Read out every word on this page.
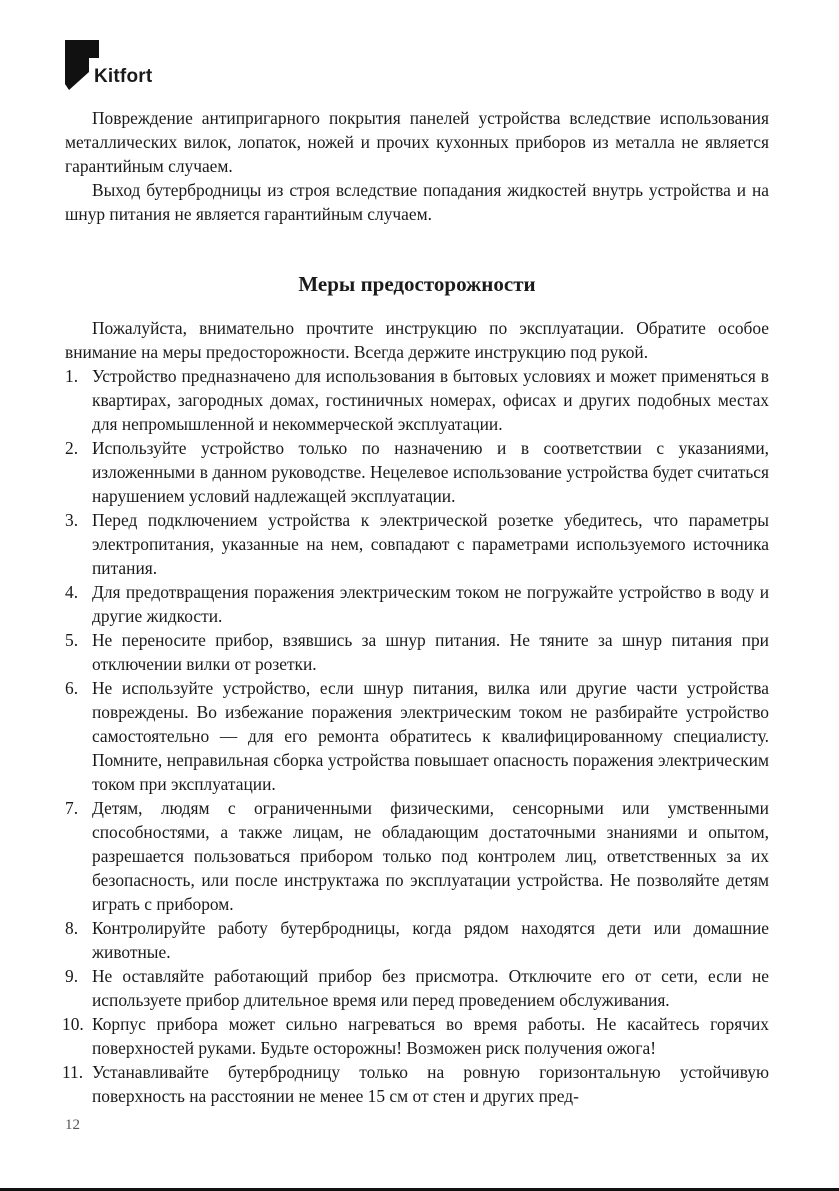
Kitfort

Повреждение антипригарного покрытия панелей устройства вследствие использования металлических вилок, лопаток, ножей и прочих кухонных приборов из металла не является гарантийным случаем.

Выход бутербродницы из строя вследствие попадания жидкостей внутрь устройства и на шнур питания не является гарантийным случаем.

Меры предосторожности

Пожалуйста, внимательно прочтите инструкцию по эксплуатации. Обратите особое внимание на меры предосторожности. Всегда держите инструкцию под рукой.

1. Устройство предназначено для использования в бытовых условиях и может применяться в квартирах, загородных домах, гостиничных номерах, офисах и других подобных местах для непромышленной и некоммерческой эксплуатации.
2. Используйте устройство только по назначению и в соответствии с указаниями, изложенными в данном руководстве. Нецелевое использование устройства будет считаться нарушением условий надлежащей эксплуатации.
3. Перед подключением устройства к электрической розетке убедитесь, что параметры электропитания, указанные на нем, совпадают с параметрами используемого источника питания.
4. Для предотвращения поражения электрическим током не погружайте устройство в воду и другие жидкости.
5. Не переносите прибор, взявшись за шнур питания. Не тяните за шнур питания при отключении вилки от розетки.
6. Не используйте устройство, если шнур питания, вилка или другие части устройства повреждены. Во избежание поражения электрическим током не разбирайте устройство самостоятельно — для его ремонта обратитесь к квалифицированному специалисту. Помните, неправильная сборка устройства повышает опасность поражения электрическим током при эксплуатации.
7. Детям, людям с ограниченными физическими, сенсорными или умственными способностями, а также лицам, не обладающим достаточными знаниями и опытом, разрешается пользоваться прибором только под контролем лиц, ответственных за их безопасность, или после инструктажа по эксплуатации устройства. Не позволяйте детям играть с прибором.
8. Контролируйте работу бутербродницы, когда рядом находятся дети или домашние животные.
9. Не оставляйте работающий прибор без присмотра. Отключите его от сети, если не используете прибор длительное время или перед проведением обслуживания.
10. Корпус прибора может сильно нагреваться во время работы. Не касайтесь горячих поверхностей руками. Будьте осторожны! Возможен риск получения ожога!
11. Устанавливайте бутербродницу только на ровную горизонтальную устойчивую поверхность на расстоянии не менее 15 см от стен и других пред-
12
